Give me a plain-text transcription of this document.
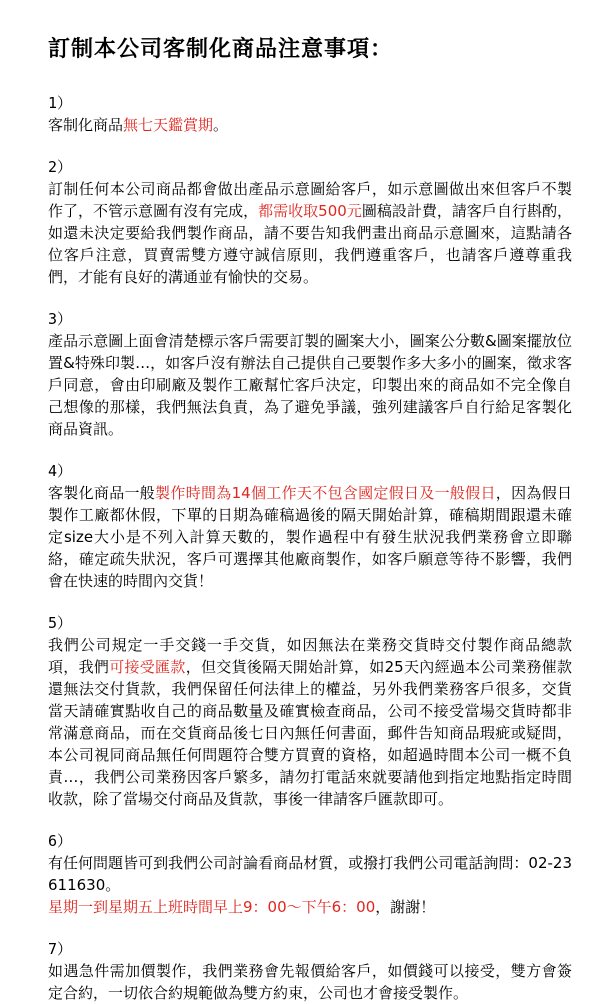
訂制本公司客制化商品注意事項：
1）
客制化商品無七天鑑賞期。
2）
訂制任何本公司商品都會做出產品示意圖給客戶，如示意圖做出來但客戶不製作了，不管示意圖有沒有完成，都需收取500元圖稿設計費，請客戶自行斟酌，如還未決定要給我們製作商品，請不要告知我們畫出商品示意圖來，這點請各位客戶注意，買賣需雙方遵守誠信原則，我們遵重客戶，也請客戶遵尊重我們，才能有良好的溝通並有愉快的交易。
3）
產品示意圖上面會清楚標示客戶需要訂製的圖案大小，圖案公分數&圖案擺放位置&特殊印製…，如客戶沒有辦法自己提供自己要製作多大多小的圖案，徵求客戶同意，會由印刷廠及製作工廠幫忙客戶決定，印製出來的商品如不完全像自己想像的那樣，我們無法負責，為了避免爭議，強列建議客戶自行給足客製化商品資訊。
4）
客製化商品一般製作時間為14個工作天不包含國定假日及一般假日，因為假日製作工廠都休假，下單的日期為確稿過後的隔天開始計算，確稿期間跟還未確定size大小是不列入計算天數的，製作過程中有發生狀況我們業務會立即聯絡，確定疏失狀況，客戶可選擇其他廠商製作，如客戶願意等待不影響，我們會在快速的時間內交貨！
5）
我們公司規定一手交錢一手交貨，如因無法在業務交貨時交付製作商品總款項，我們可接受匯款，但交貨後隔天開始計算，如25天內經過本公司業務催款還無法交付貨款，我們保留任何法律上的權益，另外我們業務客戶很多，交貨當天請確實點收自己的商品數量及確實檢查商品，公司不接受當場交貨時都非常滿意商品，而在交貨商品後七日內無任何書面，郵件告知商品瑕疵或疑問，本公司視同商品無任何問題符合雙方買賣的資格，如超過時間本公司一概不負責…，我們公司業務因客戶繁多，請勿打電話來就要請他到指定地點指定時間收款，除了當場交付商品及貨款，事後一律請客戶匯款即可。
6）
有任何問題皆可到我們公司討論看商品材質，或撥打我們公司電話詢問：02-23611630。
星期一到星期五上班時間早上9：00～下午6：00，謝謝！
7）
如遇急件需加價製作，我們業務會先報價給客戶，如價錢可以接受，雙方會簽定合約，一切依合約規範做為雙方約束，公司也才會接受製作。
